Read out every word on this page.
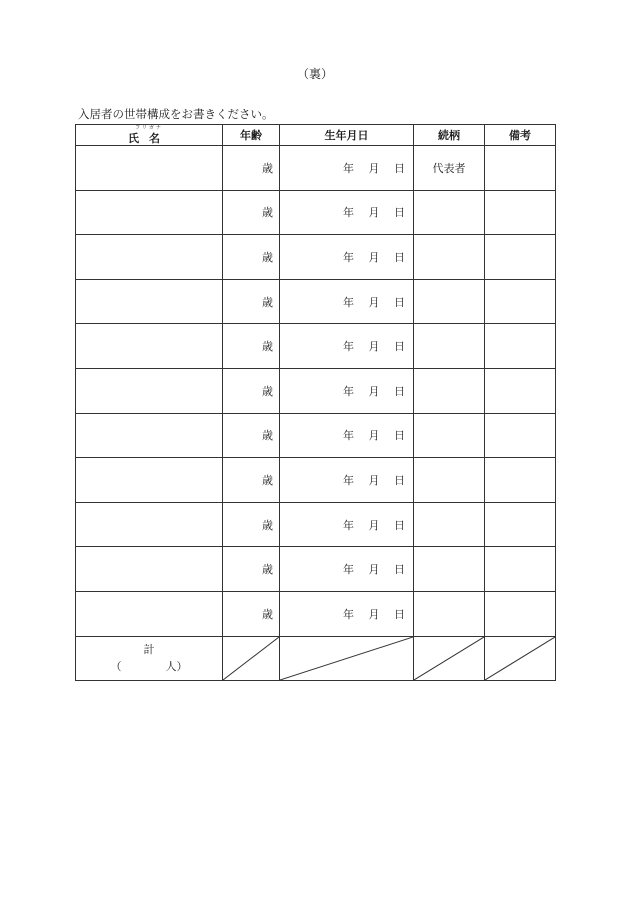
（裏）
入居者の世帯構成をお書きください。
フリガナ
氏名	年齢	生年月日	続柄	備考
	歳	年　 月　 日	代表者	
	歳	年　 月　 日		
	歳	年　 月　 日		
	歳	年　 月　 日		
	歳	年　 月　 日		
	歳	年　 月　 日		
	歳	年　 月　 日		
	歳	年　 月　 日		
	歳	年　 月　 日		
	歳	年　 月　 日		
	歳	年　 月　 日		

計
（　　　　 人）
